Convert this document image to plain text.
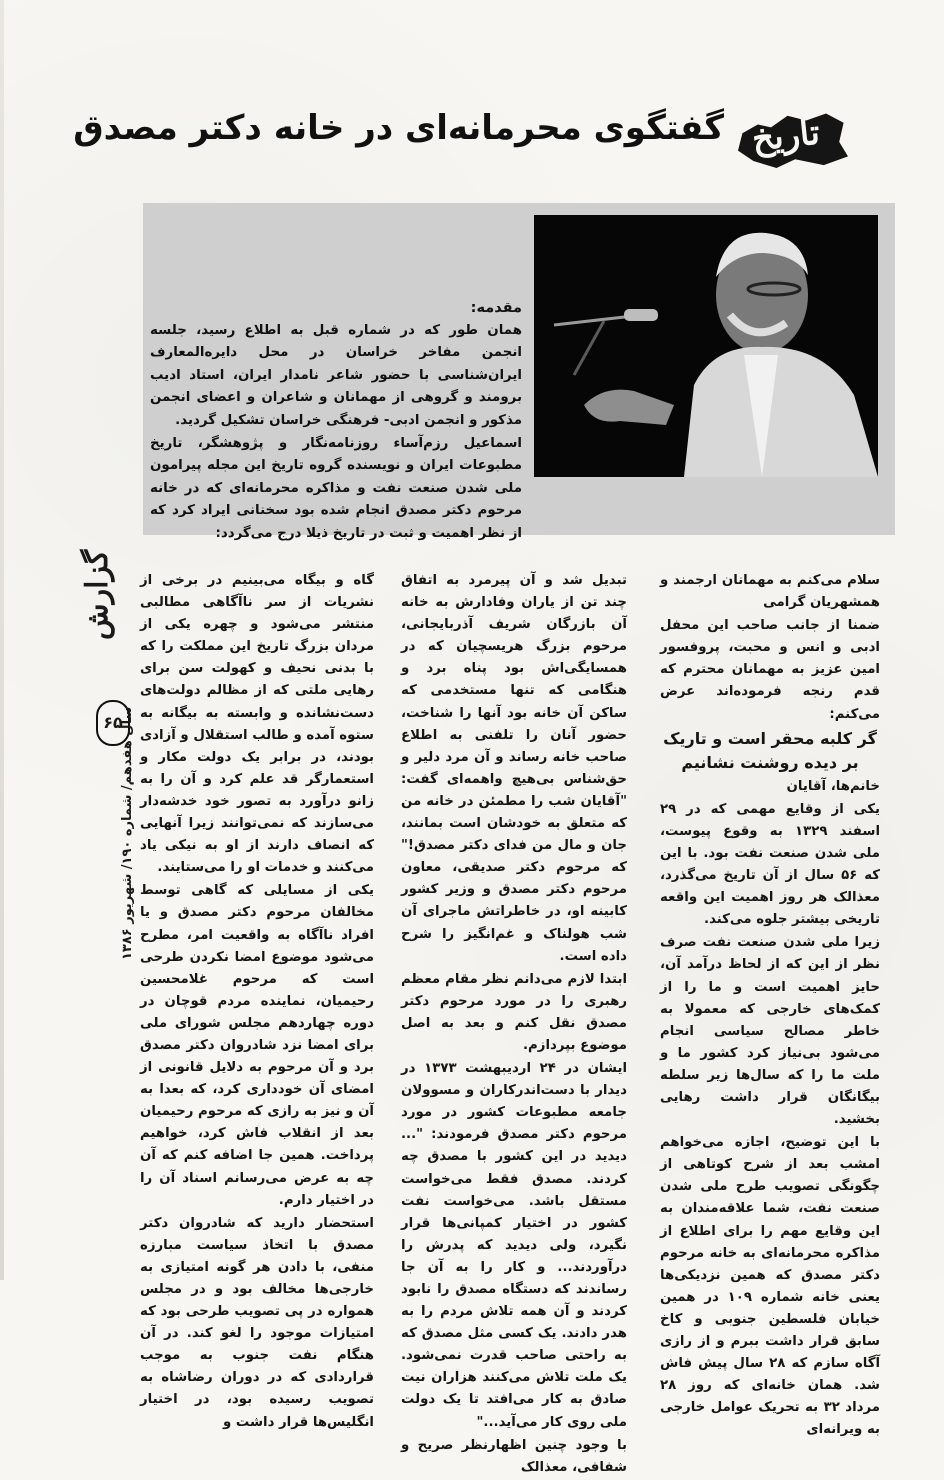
تاریخ
گفتگوی محرمانه‌ای در خانه دکتر مصدق
مقدمه:

همان طور که در شماره قبل به اطلاع رسید، جلسه انجمن مفاخر خراسان در محل دایره‌المعارف ایران‌شناسی با حضور شاعر نامدار ایران، استاد ادیب برومند و گروهی از مهمانان و شاعران و اعضای انجمن مذکور و انجمن ادبی- فرهنگی خراسان تشکیل گردید.

اسماعیل رزم‌آساء روزنامه‌نگار و پژوهشگر، تاریخ مطبوعات ایران و نویسنده گروه تاریخ این مجله پیرامون ملی شدن صنعت نفت و مذاکره محرمانه‌ای که در خانه مرحوم دکتر مصدق انجام شده بود سخنانی ایراد کرد که از نظر اهمیت و ثبت در تاریخ ذیلا درج می‌گردد:

سلام می‌کنم به مهمانان ارجمند و همشهریان گرامی

ضمنا از جانب صاحب این محفل ادبی و انس و محبت، پروفسور امین عزیز به مهمانان محترم که قدم رنجه فرموده‌اند عرض می‌کنم:

گر کلبه محقر است و تاریک
بر دیده روشنت نشانیم

خانم‌ها، آقایان

یکی از وقایع مهمی که در ۲۹ اسفند ۱۳۲۹ به وقوع پیوست، ملی شدن صنعت نفت بود. با این که ۵۶ سال از آن تاریخ می‌گذرد، معذالک هر روز اهمیت این واقعه تاریخی بیشتر جلوه می‌کند.

زیرا ملی شدن صنعت نفت صرف نظر از این که از لحاظ درآمد آن، حایز اهمیت است و ما را از کمک‌های خارجی که معمولا به خاطر مصالح سیاسی انجام می‌شود بی‌نیاز کرد کشور ما و ملت ما را که سال‌ها زیر سلطه بیگانگان قرار داشت رهایی بخشید.

با این توضیح، اجازه می‌خواهم امشب بعد از شرح کوتاهی از چگونگی تصویب طرح ملی شدن صنعت نفت، شما علاقه‌مندان به این وقایع مهم را برای اطلاع از مذاکره محرمانه‌ای به خانه مرحوم دکتر مصدق که همین نزدیکی‌ها یعنی خانه شماره ۱۰۹ در همین خیابان فلسطین جنوبی و کاخ سابق قرار داشت ببرم و از رازی آگاه سازم که ۲۸ سال پیش فاش شد. همان خانه‌ای که روز ۲۸ مرداد ۳۲ به تحریک عوامل خارجی به ویرانه‌ای

تبدیل شد و آن پیرمرد به اتفاق چند تن از یاران وفادارش به خانه آن بازرگان شریف آذربایجانی، مرحوم بزرگ هریسچیان که در همسایگی‌اش بود پناه برد و هنگامی که تنها مستخدمی که ساکن آن خانه بود آنها را شناخت، حضور آنان را تلفنی به اطلاع صاحب خانه رساند و آن مرد دلیر و حق‌شناس بی‌هیچ واهمه‌ای گفت: "آقایان شب را مطمئن در خانه من که متعلق به خودشان است بمانند، جان و مال من فدای دکتر مصدق!" که مرحوم دکتر صدیقی، معاون مرحوم دکتر مصدق و وزیر کشور کابینه او، در خاطراتش ماجرای آن شب هولناک و غم‌انگیز را شرح داده است.

ابتدا لازم می‌دانم نظر مقام معظم رهبری را در مورد مرحوم دکتر مصدق نقل کنم و بعد به اصل موضوع بپردازم.

ایشان در ۲۴ اردیبهشت ۱۳۷۳ در دیدار با دست‌اندرکاران و مسوولان جامعه مطبوعات کشور در مورد مرحوم دکتر مصدق فرمودند: "... دیدید در این کشور با مصدق چه کردند. مصدق فقط می‌خواست مستقل باشد. می‌خواست نفت کشور در اختیار کمپانی‌ها قرار نگیرد، ولی دیدید که پدرش را درآوردند... و کار را به آن جا رساندند که دستگاه مصدق را نابود کردند و آن همه تلاش مردم را به هدر دادند. یک کسی مثل مصدق که به راحتی صاحب قدرت نمی‌شود. یک ملت تلاش می‌کنند هزاران نیت صادق به کار می‌افتد تا یک دولت ملی روی کار می‌آید..."

با وجود چنین اظهارنظر صریح و شفافی، معذالک

گاه و بیگاه می‌بینیم در برخی از نشریات از سر ناآگاهی مطالبی منتشر می‌شود و چهره یکی از مردان بزرگ تاریخ این مملکت را که با بدنی نحیف و کهولت سن برای رهایی ملتی که از مظالم دولت‌های دست‌نشانده و وابسته به بیگانه به ستوه آمده و طالب استقلال و آزادی بودند، در برابر یک دولت مکار و استعمارگر قد علم کرد و آن را به زانو درآورد به تصور خود خدشه‌دار می‌سازند که نمی‌توانند زیرا آنهایی که انصاف دارند از او به نیکی یاد می‌کنند و خدمات او را می‌ستایند.

یکی از مسایلی که گاهی توسط مخالفان مرحوم دکتر مصدق و یا افراد ناآگاه به واقعیت امر، مطرح می‌شود موضوع امضا نکردن طرحی است که مرحوم غلامحسین رحیمیان، نماینده مردم قوچان در دوره چهاردهم مجلس شورای ملی برای امضا نزد شادروان دکتر مصدق برد و آن مرحوم به دلایل قانونی از امضای آن خودداری کرد، که بعدا به آن و نیز به رازی که مرحوم رحیمیان بعد از انقلاب فاش کرد، خواهیم پرداخت. همین جا اضافه کنم که آن چه به عرض می‌رسانم اسناد آن را در اختیار دارم.

استحضار دارید که شادروان دکتر مصدق با اتخاذ سیاست مبارزه منفی، با دادن هر گونه امتیازی به خارجی‌ها مخالف بود و در مجلس همواره در پی تصویب طرحی بود که امتیازات موجود را لغو کند. در آن هنگام نفت جنوب به موجب قراردادی که در دوران رضاشاه به تصویب رسیده بود، در اختیار انگلیس‌ها قرار داشت و

گزارش
۶۵
سال هفدهم/ شماره ۱۹۰/ شهریور ۱۳۸۶
